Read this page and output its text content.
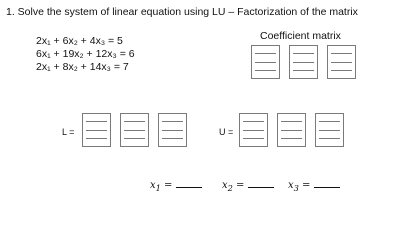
1. Solve the system of linear equation using LU – Factorization of the matrix
2x₁ + 6x₂ + 4x₃ = 5
6x₁ + 19x₂ + 12x₃ = 6
2x₁ + 8x₂ + 14x₃ = 7
Coefficient matrix
L =	U =
$x_1$ =	$x_2$ =	$x_3$ =
